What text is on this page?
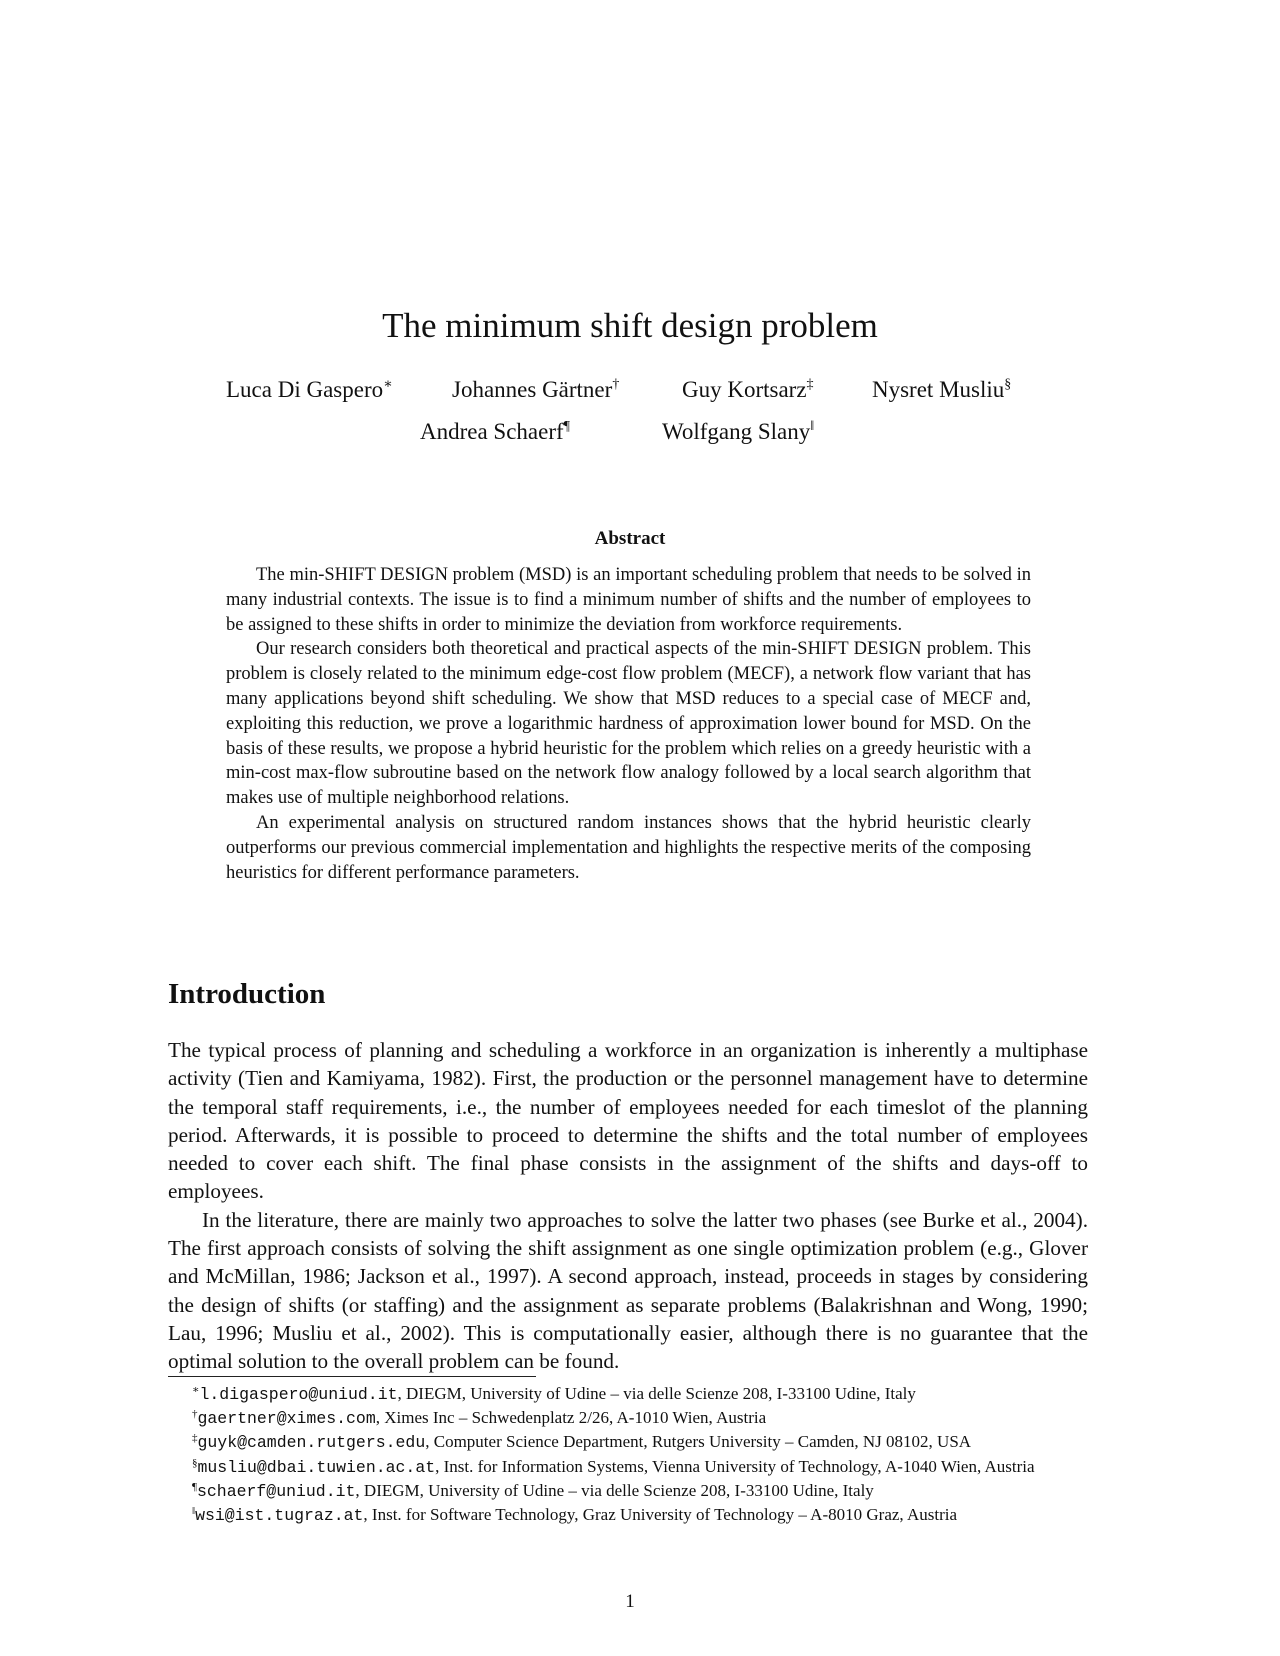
The minimum shift design problem
Luca Di Gaspero∗	Johannes Gärtner†	Guy Kortsarz‡	Nysret Musliu§
Andrea Schaerf¶	Wolfgang Slany‖
Abstract

The min-SHIFT DESIGN problem (MSD) is an important scheduling problem that needs to be solved in many industrial contexts. The issue is to find a minimum number of shifts and the number of employees to be assigned to these shifts in order to minimize the deviation from workforce requirements.

Our research considers both theoretical and practical aspects of the min-SHIFT DESIGN problem. This problem is closely related to the minimum edge-cost flow problem (MECF), a network flow variant that has many applications beyond shift scheduling. We show that MSD reduces to a special case of MECF and, exploiting this reduction, we prove a logarithmic hardness of approximation lower bound for MSD. On the basis of these results, we propose a hybrid heuristic for the problem which relies on a greedy heuristic with a min-cost max-flow subroutine based on the network flow analogy followed by a local search algorithm that makes use of multiple neighborhood relations.

An experimental analysis on structured random instances shows that the hybrid heuristic clearly outperforms our previous commercial implementation and highlights the respective merits of the composing heuristics for different performance parameters.

Introduction

The typical process of planning and scheduling a workforce in an organization is inherently a multiphase activity (Tien and Kamiyama, 1982). First, the production or the personnel management have to determine the temporal staff requirements, i.e., the number of employees needed for each timeslot of the planning period. Afterwards, it is possible to proceed to determine the shifts and the total number of employees needed to cover each shift. The final phase consists in the assignment of the shifts and days-off to employees.

In the literature, there are mainly two approaches to solve the latter two phases (see Burke et al., 2004). The first approach consists of solving the shift assignment as one single optimization problem (e.g., Glover and McMillan, 1986; Jackson et al., 1997). A second approach, instead, proceeds in stages by considering the design of shifts (or staffing) and the assignment as separate problems (Balakrishnan and Wong, 1990; Lau, 1996; Musliu et al., 2002). This is computationally easier, although there is no guarantee that the optimal solution to the overall problem can be found.

∗l.digaspero@uniud.it, DIEGM, University of Udine – via delle Scienze 208, I-33100 Udine, Italy

†gaertner@ximes.com, Ximes Inc – Schwedenplatz 2/26, A-1010 Wien, Austria

‡guyk@camden.rutgers.edu, Computer Science Department, Rutgers University – Camden, NJ 08102, USA

§musliu@dbai.tuwien.ac.at, Inst. for Information Systems, Vienna University of Technology, A-1040 Wien, Austria

¶schaerf@uniud.it, DIEGM, University of Udine – via delle Scienze 208, I-33100 Udine, Italy

‖wsi@ist.tugraz.at, Inst. for Software Technology, Graz University of Technology – A-8010 Graz, Austria

1
